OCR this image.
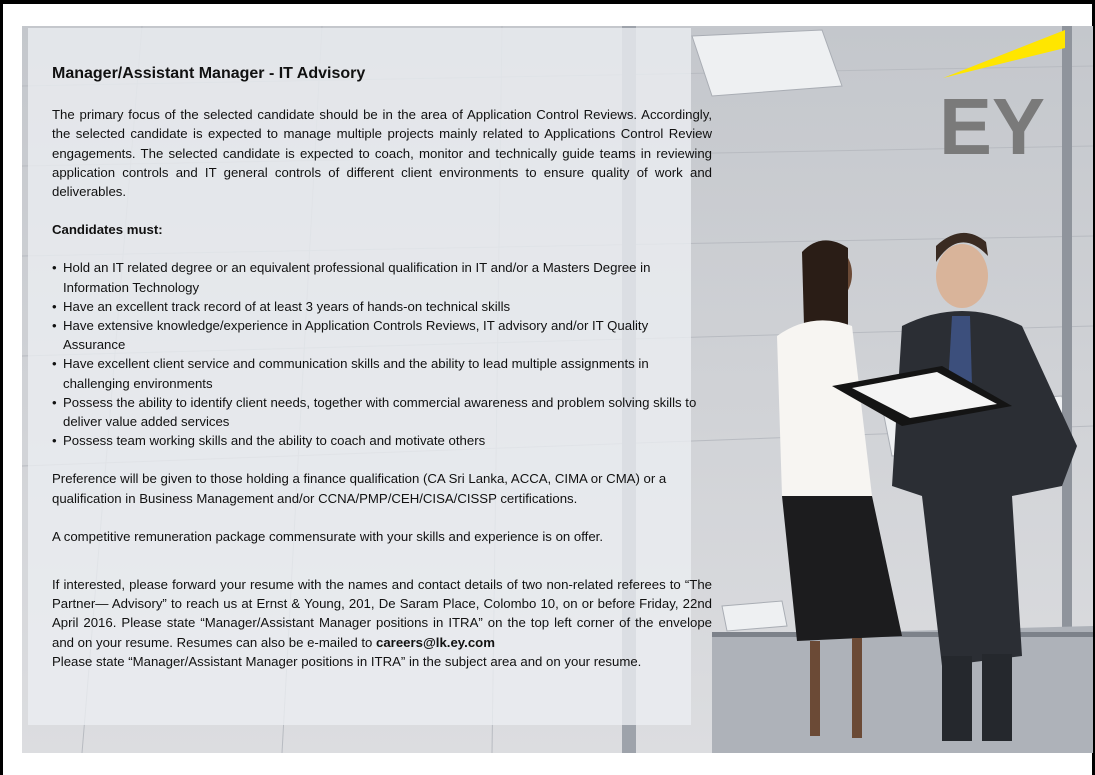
EY

Manager/Assistant Manager - IT Advisory

The primary focus of the selected candidate should be in the area of Application Control Reviews. Accordingly, the selected candidate is expected to manage multiple projects mainly related to Applications Control Review engagements. The selected candidate is expected to coach, monitor and technically guide teams in reviewing application controls and IT general controls of different client environments to ensure quality of work and deliverables.

Candidates must:

• Hold an IT related degree or an equivalent professional qualification in IT and/or a Masters Degree in Information Technology
• Have an excellent track record of at least 3 years of hands-on technical skills
• Have extensive knowledge/experience in Application Controls Reviews, IT advisory and/or IT Quality Assurance
• Have excellent client service and communication skills and the ability to lead multiple assignments in challenging environments
• Possess the ability to identify client needs, together with commercial awareness and problem solving skills to deliver value added services
• Possess team working skills and the ability to coach and motivate others

Preference will be given to those holding a finance qualification (CA Sri Lanka, ACCA, CIMA or CMA) or a qualification in Business Management and/or CCNA/PMP/CEH/CISA/CISSP certifications.

A competitive remuneration package commensurate with your skills and experience is on offer.

If interested, please forward your resume with the names and contact details of two non-related referees to “The Partner— Advisory” to reach us at Ernst & Young, 201, De Saram Place, Colombo 10, on or before Friday, 22nd April 2016. Please state “Manager/Assistant Manager positions in ITRA” on the top left corner of the envelope and on your resume. Resumes can also be e-mailed to careers@lk.ey.com

Please state “Manager/Assistant Manager positions in ITRA” in the subject area and on your resume.
